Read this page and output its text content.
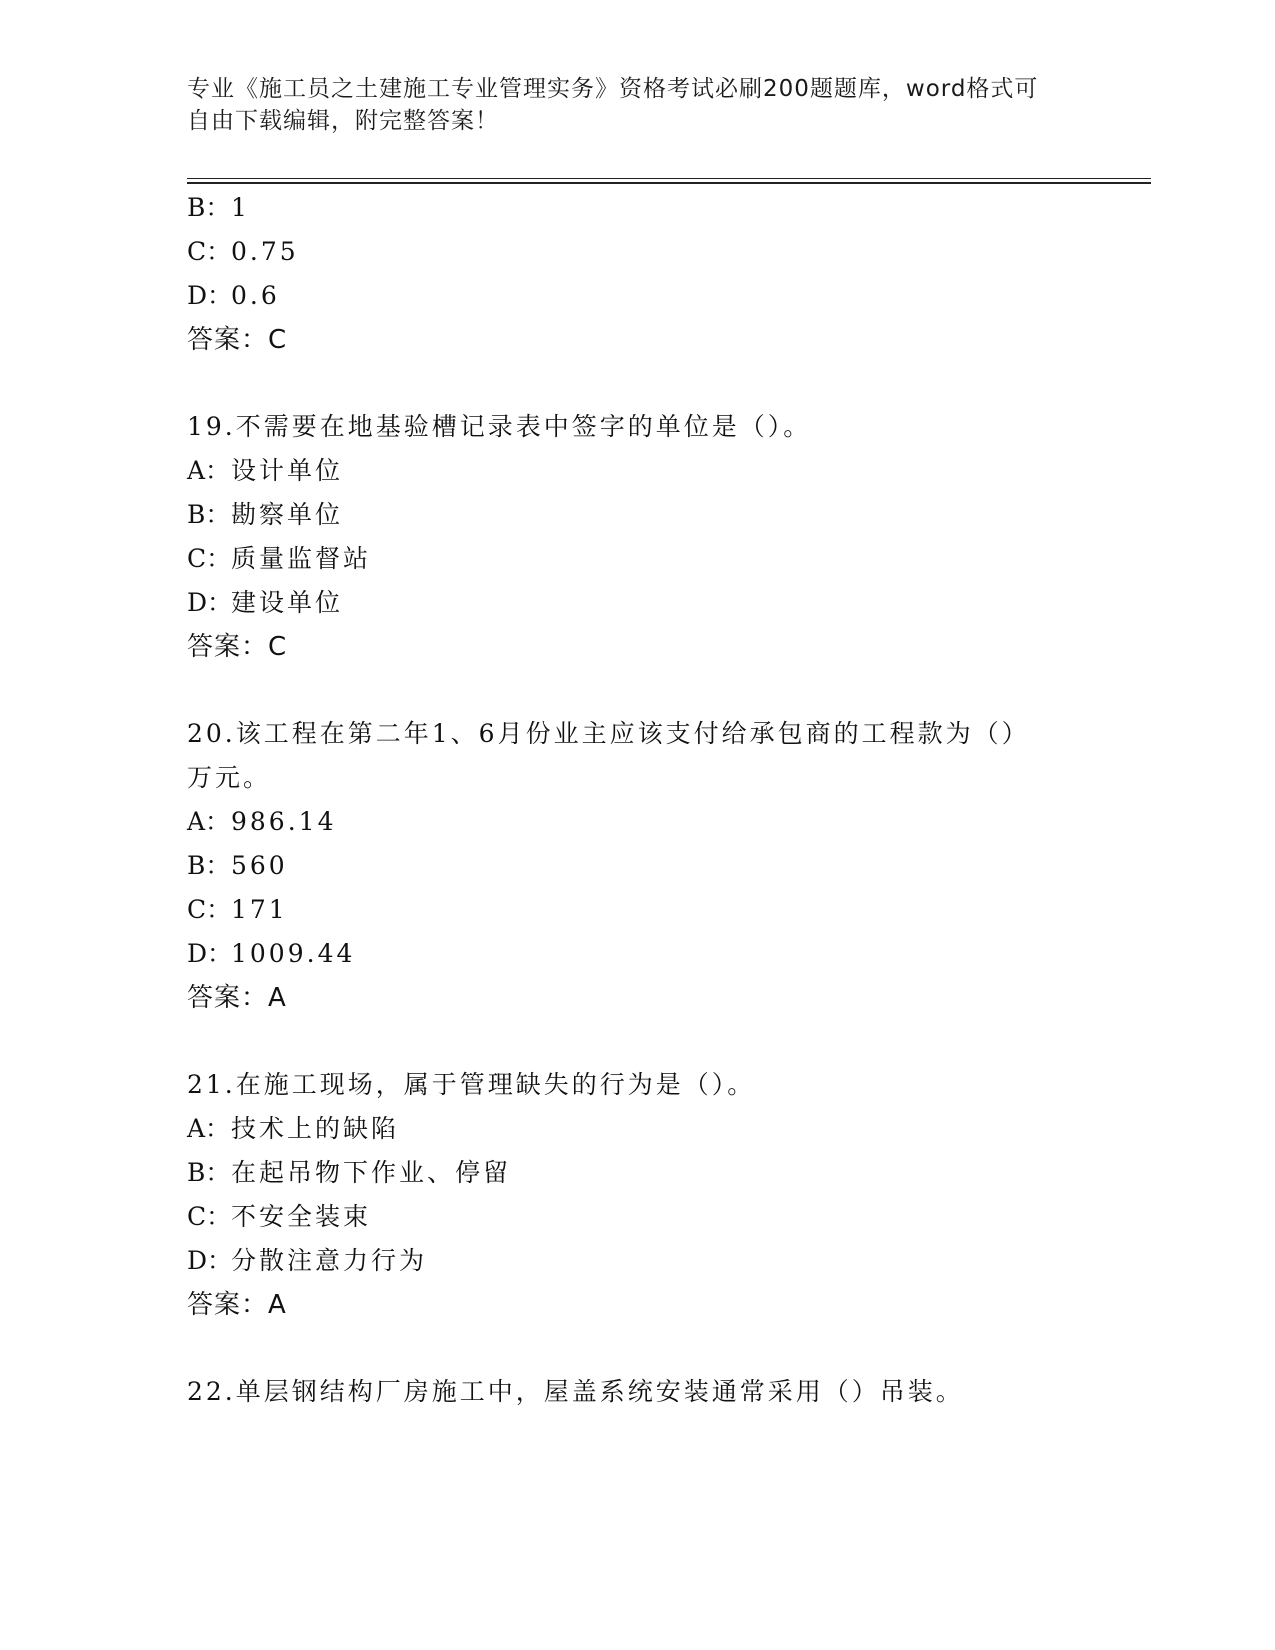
专业《施工员之土建施工专业管理实务》资格考试必刷200题题库，word格式可
自由下载编辑，附完整答案！
B：1
C：0.75
D：0.6
答案：C
19.不需要在地基验槽记录表中签字的单位是（）。
A：设计单位
B：勘察单位
C：质量监督站
D：建设单位
答案：C
20.该工程在第二年1、6月份业主应该支付给承包商的工程款为（）
万元。
A：986.14
B：560
C：171
D：1009.44
答案：A
21.在施工现场，属于管理缺失的行为是（）。
A：技术上的缺陷
B：在起吊物下作业、停留
C：不安全装束
D：分散注意力行为
答案：A
22.单层钢结构厂房施工中，屋盖系统安装通常采用（）吊装。
